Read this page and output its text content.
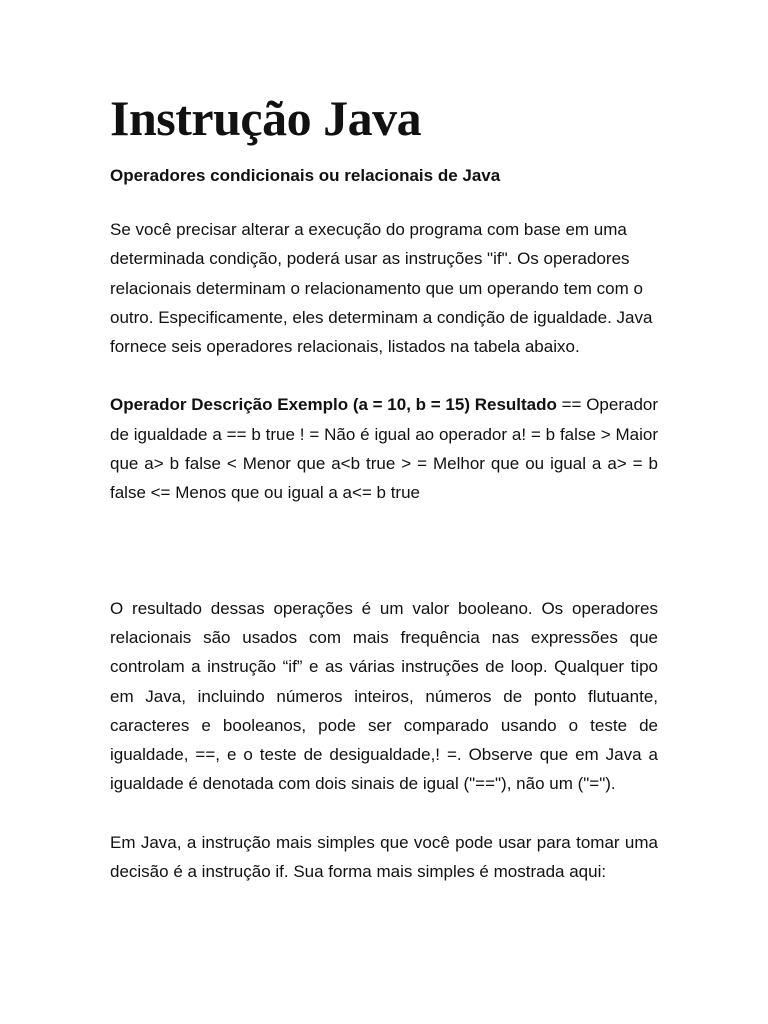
Instrução Java
Operadores condicionais ou relacionais de Java

Se você precisar alterar a execução do programa com base em uma determinada condição, poderá usar as instruções "if". Os operadores relacionais determinam o relacionamento que um operando tem com o outro. Especificamente, eles determinam a condição de igualdade. Java fornece seis operadores relacionais, listados na tabela abaixo.

Operador Descrição Exemplo (a = 10, b = 15) Resultado == Operador de igualdade a == b true ! = Não é igual ao operador a! = b false > Maior que a> b false < Menor que a<b true > = Melhor que ou igual a a> = b false <= Menos que ou igual a a<= b true

O resultado dessas operações é um valor booleano. Os operadores relacionais são usados com mais frequência nas expressões que controlam a instrução “if” e as várias instruções de loop. Qualquer tipo em Java, incluindo números inteiros, números de ponto flutuante, caracteres e booleanos, pode ser comparado usando o teste de igualdade, ==, e o teste de desigualdade,! =. Observe que em Java a igualdade é denotada com dois sinais de igual ("=="), não um ("=").

Em Java, a instrução mais simples que você pode usar para tomar uma decisão é a instrução if. Sua forma mais simples é mostrada aqui:
